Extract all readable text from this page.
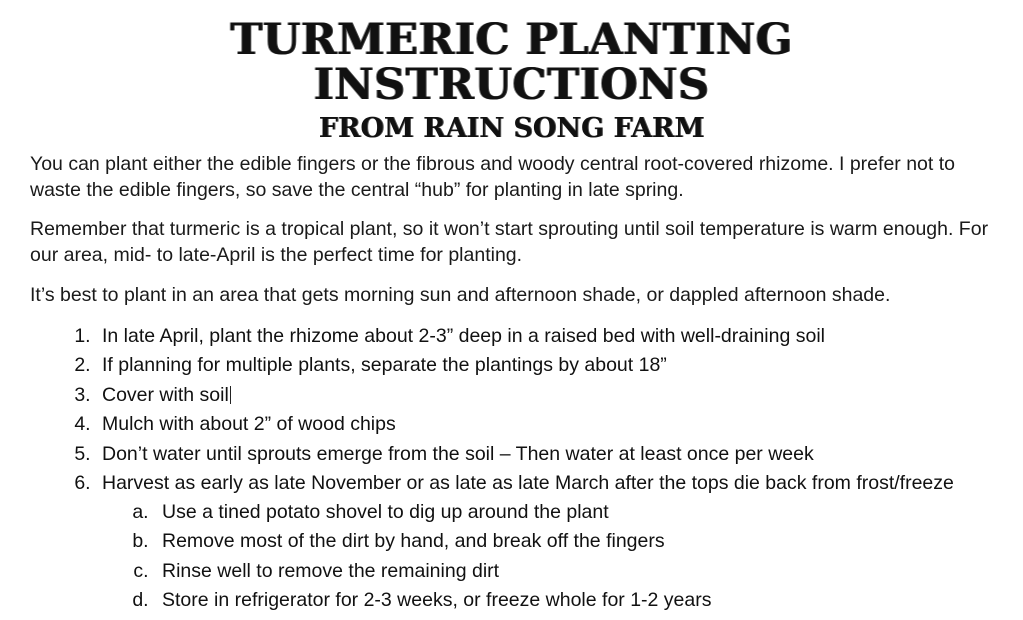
TURMERIC PLANTING INSTRUCTIONS
FROM RAIN SONG FARM

You can plant either the edible fingers or the fibrous and woody central root-covered rhizome. I prefer not to waste the edible fingers, so save the central “hub” for planting in late spring.

Remember that turmeric is a tropical plant, so it won’t start sprouting until soil temperature is warm enough. For our area, mid- to late-April is the perfect time for planting.

It’s best to plant in an area that gets morning sun and afternoon shade, or dappled afternoon shade.

1. In late April, plant the rhizome about 2-3” deep in a raised bed with well-draining soil
2. If planning for multiple plants, separate the plantings by about 18”
3. Cover with soil
4. Mulch with about 2” of wood chips
5. Don’t water until sprouts emerge from the soil – Then water at least once per week
6. Harvest as early as late November or as late as late March after the tops die back from frost/freeze
a. Use a tined potato shovel to dig up around the plant
b. Remove most of the dirt by hand, and break off the fingers
c. Rinse well to remove the remaining dirt
d. Store in refrigerator for 2-3 weeks, or freeze whole for 1-2 years
